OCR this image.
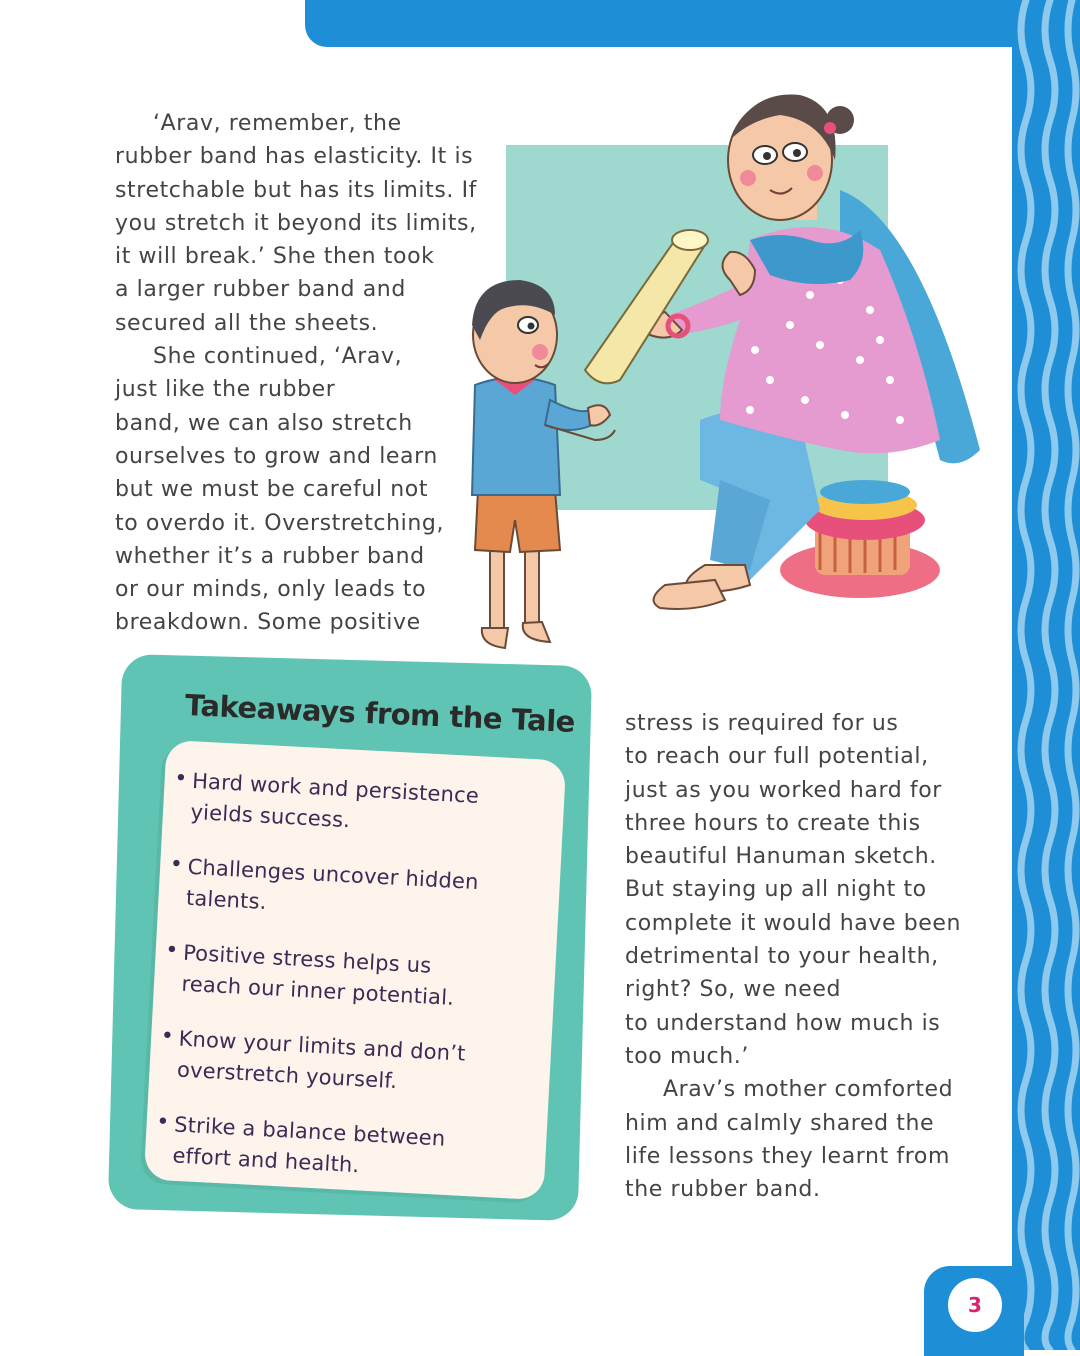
‘Arav, remember, the
rubber band has elasticity. It is
stretchable but has its limits. If
you stretch it beyond its limits,
it will break.’ She then took
a larger rubber band and
secured all the sheets.
She continued, ‘Arav,
just like the rubber
band, we can also stretch
ourselves to grow and learn
but we must be careful not
to overdo it. Overstretching,
whether it’s a rubber band
or our minds, only leads to
breakdown. Some positive
Takeaways from the Tale
• Hard work and persistence
yields success.
• Challenges uncover hidden
talents.
• Positive stress helps us
reach our inner potential.
• Know your limits and don’t
overstretch yourself.
• Strike a balance between
effort and health.
stress is required for us
to reach our full potential,
just as you worked hard for
three hours to create this
beautiful Hanuman sketch.
But staying up all night to
complete it would have been
detrimental to your health,
right? So, we need
to understand how much is
too much.’
Arav’s mother comforted
him and calmly shared the
life lessons they learnt from
the rubber band.
3
